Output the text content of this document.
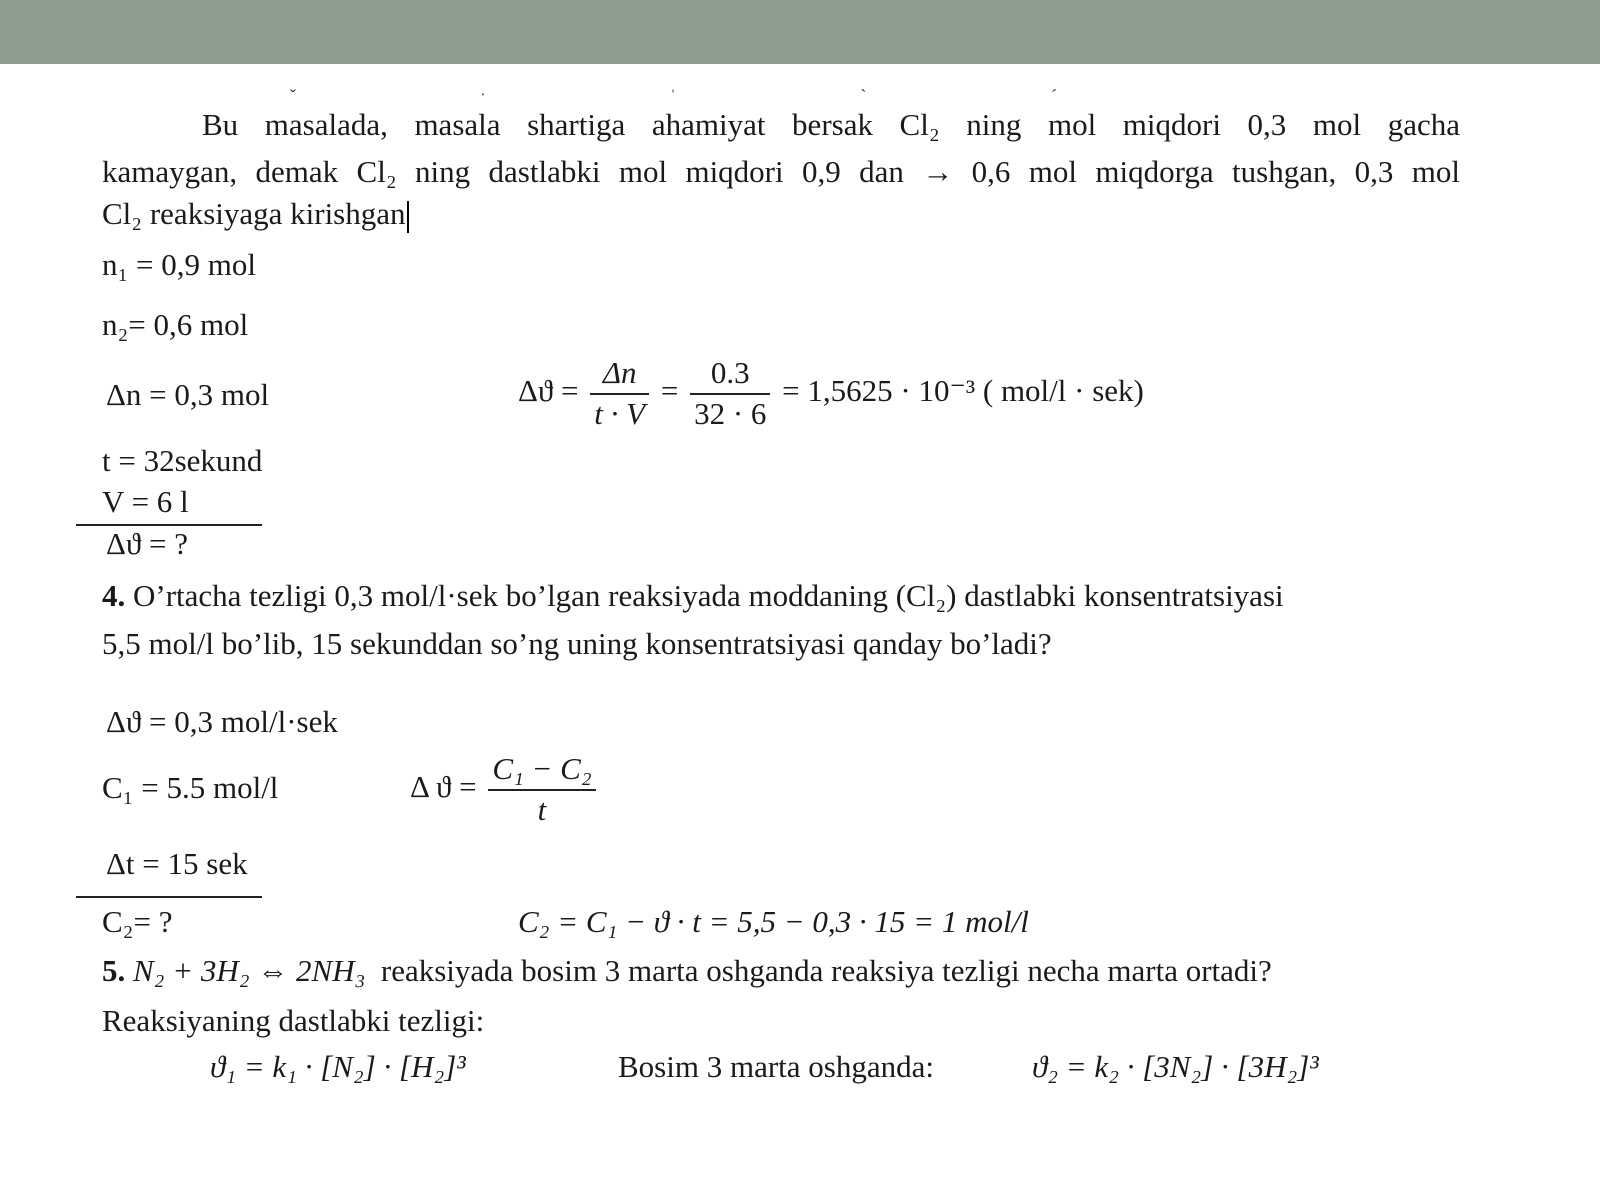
ˇ ˑ ˈ ˋ ˊ
Bu masalada, masala shartiga ahamiyat bersak Cl₂ ning mol miqdori 0,3 mol gacha
kamaygan, demak Cl₂ ning dastlabki mol miqdori 0,9 dan → 0,6 mol miqdorga tushgan, 0,3 mol
Cl₂ reaksiyaga kirishgan
n₁ = 0,9 mol
n₂= 0,6 mol
Δn = 0,3 mol
t = 32sekund
V = 6 l
Δϑ = ?
$\Delta ϑ = \frac{\Delta n}{t \cdot V} = \frac{0.3}{32 \cdot 6} = 1,5625 \cdot 10^{-3}$ ( mol/l · sek)
4. O’rtacha tezligi 0,3 mol/l·sek bo’lgan reaksiyada moddaning (Cl₂) dastlabki konsentratsiyasi
5,5 mol/l bo’lib, 15 sekunddan so’ng uning konsentratsiyasi qanday bo’ladi?
Δϑ = 0,3 mol/l·sek
C₁ = 5.5 mol/l
Δt = 15 sek
C₂= ?
Δ $ϑ = \frac{\text{C₁ − C₂}}{t}$
C₂ = C₁ − ϑ · t = 5,5 − 0,3 · 15 = 1 mol/l
5. N₂ + 3H₂ ⇔ 2NH₃ reaksiyada bosim 3 marta oshganda reaksiya tezligi necha marta ortadi?
Reaksiyaning dastlabki tezligi:
ϑ₁ = k₁ · [N₂] · [H₂]³	Bosim 3 marta oshganda:	ϑ₂ = k₂ · [3N₂] · [3H₂]³
